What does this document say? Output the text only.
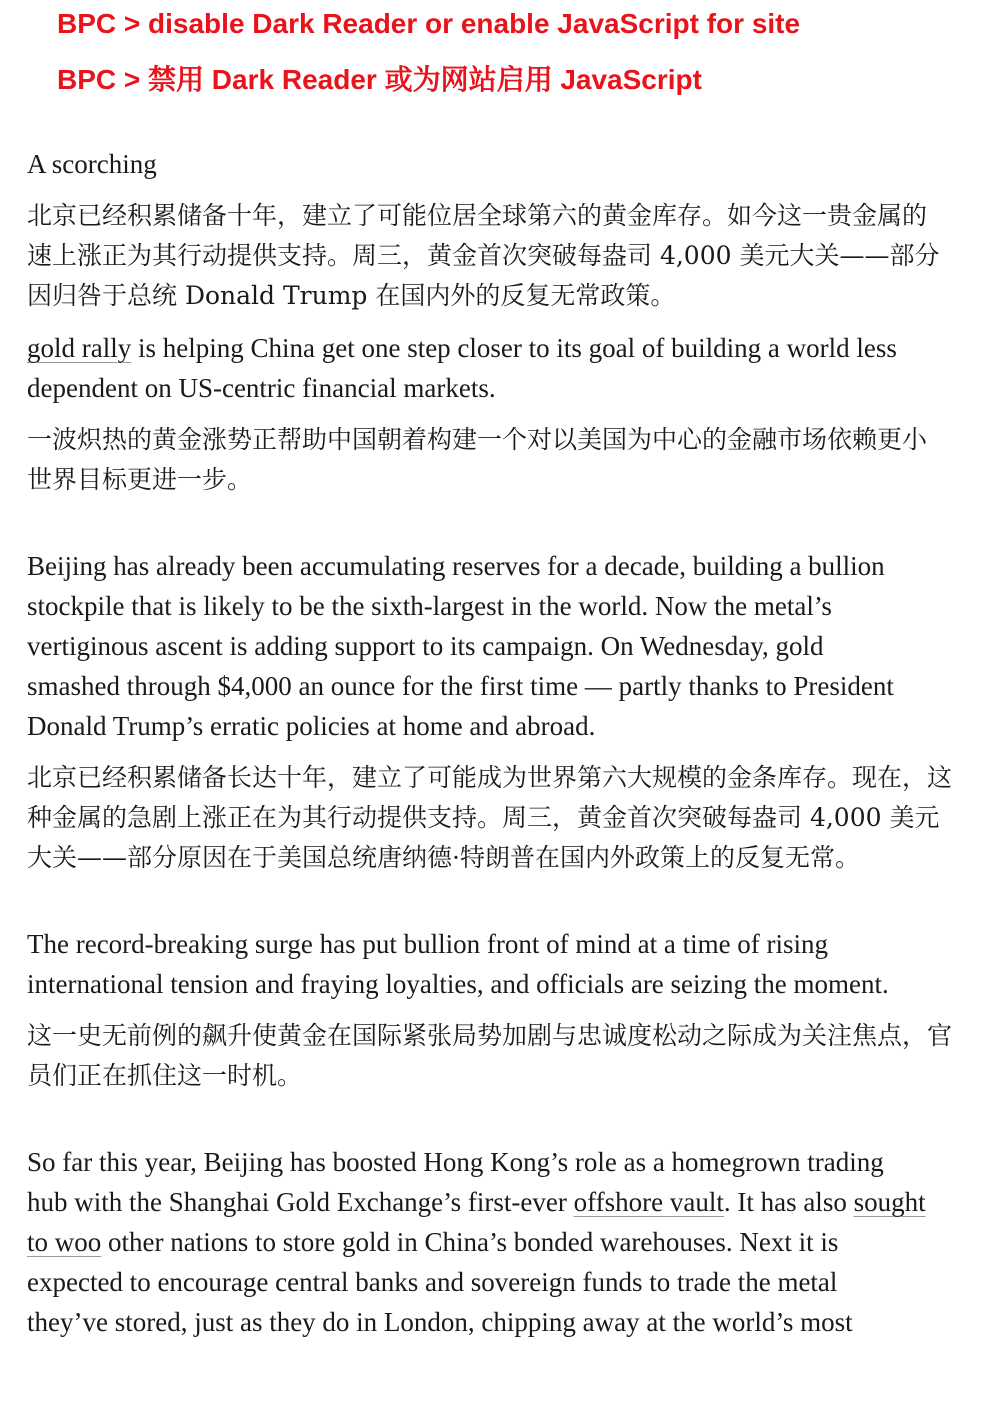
BPC > disable Dark Reader or enable JavaScript for site
BPC > 禁用 Dark Reader 或为网站启用 JavaScript

A scorching

北京已经积累储备十年，建立了可能位居全球第六的黄金库存。如今这一贵金属的

速上涨正为其行动提供支持。周三，黄金首次突破每盎司 4,000 美元大关——部分

因归咎于总统 Donald Trump 在国内外的反复无常政策。

gold rally is helping China get one step closer to its goal of building a world less

dependent on US-centric financial markets.

一波炽热的黄金涨势正帮助中国朝着构建一个对以美国为中心的金融市场依赖更小

世界目标更进一步。

Beijing has already been accumulating reserves for a decade, building a bullion

stockpile that is likely to be the sixth-largest in the world. Now the metal’s

vertiginous ascent is adding support to its campaign. On Wednesday, gold

smashed through $4,000 an ounce for the first time — partly thanks to President

Donald Trump’s erratic policies at home and abroad.

北京已经积累储备长达十年，建立了可能成为世界第六大规模的金条库存。现在，这

种金属的急剧上涨正在为其行动提供支持。周三，黄金首次突破每盎司 4,000 美元

大关——部分原因在于美国总统唐纳德·特朗普在国内外政策上的反复无常。

The record-breaking surge has put bullion front of mind at a time of rising

international tension and fraying loyalties, and officials are seizing the moment.

这一史无前例的飙升使黄金在国际紧张局势加剧与忠诚度松动之际成为关注焦点，官

员们正在抓住这一时机。

So far this year, Beijing has boosted Hong Kong’s role as a homegrown trading

hub with the Shanghai Gold Exchange’s first-ever offshore vault. It has also sought

to woo other nations to store gold in China’s bonded warehouses. Next it is

expected to encourage central banks and sovereign funds to trade the metal

they’ve stored, just as they do in London, chipping away at the world’s most
